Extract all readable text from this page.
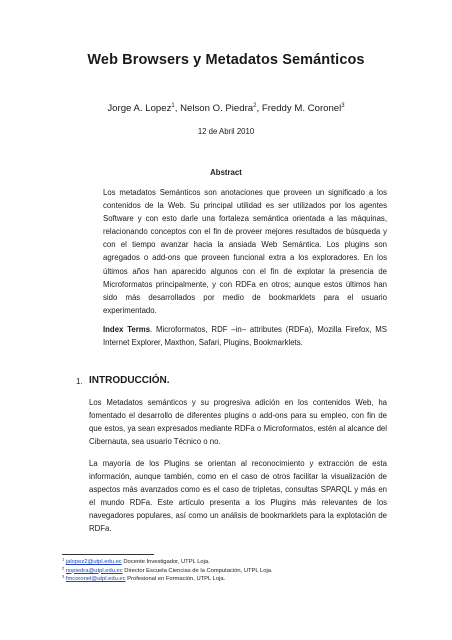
Web Browsers y Metadatos Semánticos
Jorge A. Lopez$^1$, Nelson O. Piedra$^2$, Freddy M. Coronel$^3$
12 de Abril 2010
Abstract

Los metadatos Semánticos son anotaciones que proveen un significado a los contenidos de la Web. Su principal utilidad es ser utilizados por los agentes Software y con esto darle una fortaleza semántica orientada a las máquinas, relacionando conceptos con el fin de proveer mejores resultados de búsqueda y con el tiempo avanzar hacia la ansiada Web Semántica. Los plugins son agregados o add-ons que proveen funcional extra a los exploradores. En los últimos años han aparecido algunos con el fin de explotar la presencia de Microformatos principalmente, y con RDFa en otros; aunque estos últimos han sido más desarrollados por medio de bookmarklets para el usuario experimentado.

Index Terms. Microformatos, RDF –in– attributes (RDFa), Mozilla Firefox, MS Internet Explorer, Maxthon, Safari, Plugins, Bookmarklets.

1. INTRODUCCIÓN.

Los Metadatos semánticos y su progresiva adición en los contenidos Web, ha fomentado el desarrollo de diferentes plugins o add-ons para su empleo, con fin de que estos, ya sean expresados mediante RDFa o Microformatos, estén al alcance del Cibernauta, sea usuario Técnico o no.

La mayoría de los Plugins se orientan al reconocimiento y extracción de esta información, aunque también, como en el caso de otros facilitar la visualización de aspectos más avanzados como es el caso de tripletas, consultas SPARQL y más en el mundo RDFa. Este artículo presenta a los Plugins más relevantes de los navegadores populares, así como un análisis de bookmarklets para la explotación de RDFa.

$^1$ jalopez2@utpl.edu.ec Docente Investigador, UTPL Loja.
$^2$ nopiedra@utpl.edu.ec Director Escuela Ciencias de la Computación, UTPL Loja.
$^3$ fmcoronel@utpl.edu.ec Profesional en Formación, UTPL Loja.
